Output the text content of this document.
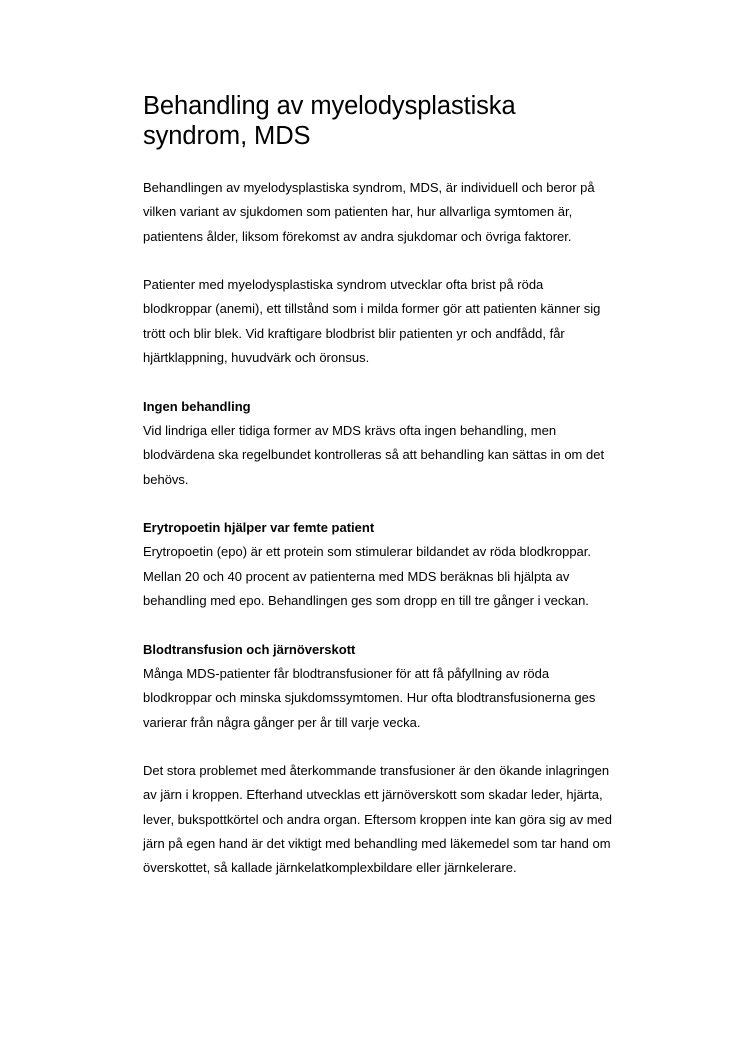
Behandling av myelodysplastiska syndrom, MDS

Behandlingen av myelodysplastiska syndrom, MDS, är individuell och beror på vilken variant av sjukdomen som patienten har, hur allvarliga symtomen är, patientens ålder, liksom förekomst av andra sjukdomar och övriga faktorer.

Patienter med myelodysplastiska syndrom utvecklar ofta brist på röda blodkroppar (anemi), ett tillstånd som i milda former gör att patienten känner sig trött och blir blek. Vid kraftigare blodbrist blir patienten yr och andfådd, får hjärtklappning, huvudvärk och öronsus.

Ingen behandling

Vid lindriga eller tidiga former av MDS krävs ofta ingen behandling, men blodvärdena ska regelbundet kontrolleras så att behandling kan sättas in om det behövs.

Erytropoetin hjälper var femte patient

Erytropoetin (epo) är ett protein som stimulerar bildandet av röda blodkroppar. Mellan 20 och 40 procent av patienterna med MDS beräknas bli hjälpta av behandling med epo. Behandlingen ges som dropp en till tre gånger i veckan.

Blodtransfusion och järnöverskott

Många MDS-patienter får blodtransfusioner för att få påfyllning av röda blodkroppar och minska sjukdomssymtomen. Hur ofta blodtransfusionerna ges varierar från några gånger per år till varje vecka.

Det stora problemet med återkommande transfusioner är den ökande inlagringen av järn i kroppen. Efterhand utvecklas ett järnöverskott som skadar leder, hjärta, lever, bukspottkörtel och andra organ. Eftersom kroppen inte kan göra sig av med järn på egen hand är det viktigt med behandling med läkemedel som tar hand om överskottet, så kallade järnkelatkomplexbildare eller järnkelerare.
